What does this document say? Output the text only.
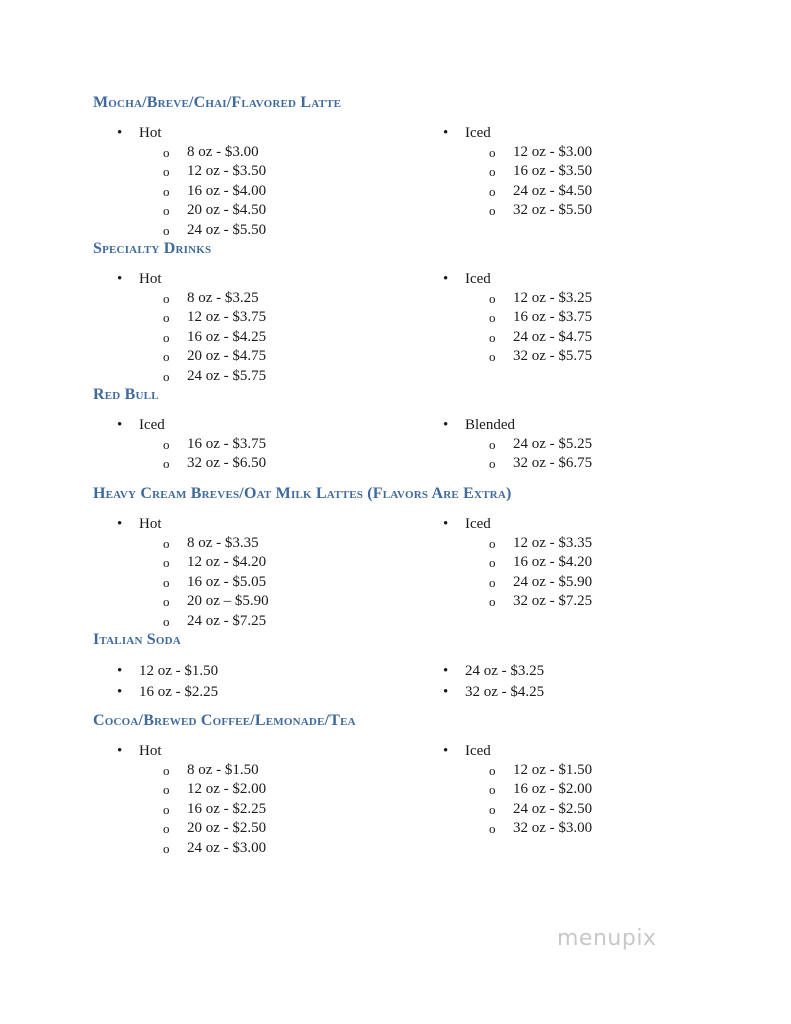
Mocha/Breve/Chai/Flavored Latte
• Hot
o 8 oz - $3.00
o 12 oz - $3.50
o 16 oz - $4.00
o 20 oz - $4.50
o 24 oz - $5.50
• Iced
o 12 oz - $3.00
o 16 oz - $3.50
o 24 oz - $4.50
o 32 oz - $5.50
Specialty Drinks
• Hot
o 8 oz - $3.25
o 12 oz - $3.75
o 16 oz - $4.25
o 20 oz - $4.75
o 24 oz - $5.75
• Iced
o 12 oz - $3.25
o 16 oz - $3.75
o 24 oz - $4.75
o 32 oz - $5.75
Red Bull
• Iced
o 16 oz - $3.75
o 32 oz - $6.50
• Blended
o 24 oz - $5.25
o 32 oz - $6.75
Heavy Cream Breves/Oat Milk Lattes (Flavors Are Extra)
• Hot
o 8 oz - $3.35
o 12 oz - $4.20
o 16 oz - $5.05
o 20 oz – $5.90
o 24 oz - $7.25
• Iced
o 12 oz - $3.35
o 16 oz - $4.20
o 24 oz - $5.90
o 32 oz - $7.25
Italian Soda
• 12 oz - $1.50
• 16 oz - $2.25
• 24 oz - $3.25
• 32 oz - $4.25
Cocoa/Brewed Coffee/Lemonade/Tea
• Hot
o 8 oz - $1.50
o 12 oz - $2.00
o 16 oz - $2.25
o 20 oz - $2.50
o 24 oz - $3.00
• Iced
o 12 oz - $1.50
o 16 oz - $2.00
o 24 oz - $2.50
o 32 oz - $3.00
menupix
